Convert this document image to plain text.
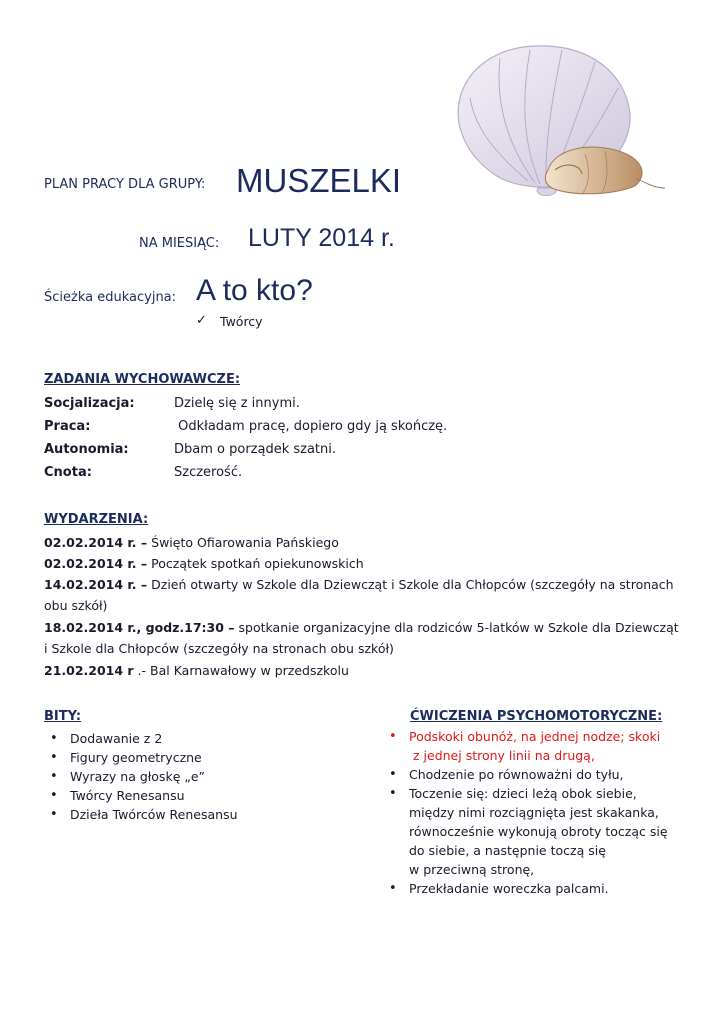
PLAN PRACY DLA GRUPY: MUSZELKI
NA MIESIĄC: LUTY 2014 r.
Ścieżka edukacyjna: A to kto?
✓ Twórcy
ZADANIA WYCHOWAWCZE:
Socjalizacja:	Dzielę się z innymi.
Praca:	Odkładam pracę, dopiero gdy ją skończę.
Autonomia:	Dbam o porządek szatni.
Cnota:	Szczerość.
WYDARZENIA:
02.02.2014 r. – Święto Ofiarowania Pańskiego
02.02.2014 r. – Początek spotkań opiekunowskich
14.02.2014 r. – Dzień otwarty w Szkole dla Dziewcząt i Szkole dla Chłopców (szczegóły na stronach obu szkół)
18.02.2014 r., godz.17:30 – spotkanie organizacyjne dla rodziców 5-latków w Szkole dla Dziewcząt i Szkole dla Chłopców (szczegóły na stronach obu szkół)
21.02.2014 r .- Bal Karnawałowy w przedszkolu
BITY:
• Dodawanie z 2
• Figury geometryczne
• Wyrazy na głoskę „e”
• Twórcy Renesansu
• Dzieła Twórców Renesansu
ĆWICZENIA PSYCHOMOTORYCZNE:
• Podskoki obunóż, na jednej nodze; skoki
z jednej strony linii na drugą,
• Chodzenie po równoważni do tyłu,
• Toczenie się: dzieci leżą obok siebie,
między nimi rozciągnięta jest skakanka,
równocześnie wykonują obroty tocząc się
do siebie, a następnie toczą się
w przeciwną stronę,
• Przekładanie woreczka palcami.
